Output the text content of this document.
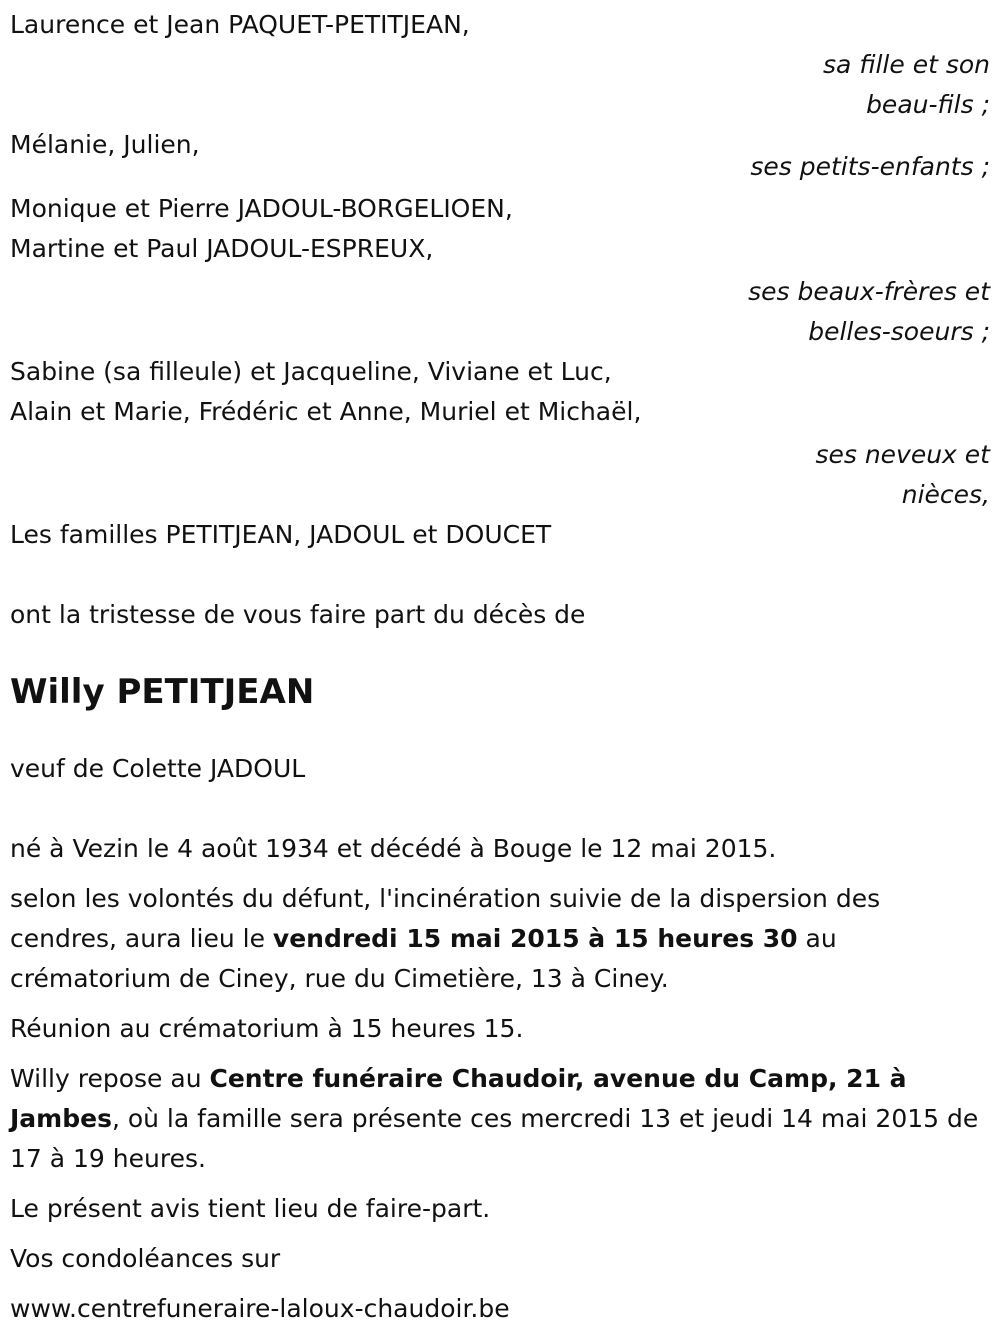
Laurence et Jean PAQUET-PETITJEAN,
sa fille et son
beau-fils ;
Mélanie, Julien,
ses petits-enfants ;
Monique et Pierre JADOUL-BORGELIOEN,
Martine et Paul JADOUL-ESPREUX,
ses beaux-frères et
belles-soeurs ;
Sabine (sa filleule) et Jacqueline, Viviane et Luc,
Alain et Marie, Frédéric et Anne, Muriel et Michaël,
ses neveux et
nièces,
Les familles PETITJEAN, JADOUL et DOUCET
ont la tristesse de vous faire part du décès de
Willy PETITJEAN
veuf de Colette JADOUL
né à Vezin le 4 août 1934 et décédé à Bouge le 12 mai 2015.
selon les volontés du défunt, l'incinération suivie de la dispersion des cendres, aura lieu le vendredi 15 mai 2015 à 15 heures 30 au crématorium de Ciney, rue du Cimetière, 13 à Ciney.
Réunion au crématorium à 15 heures 15.
Willy repose au Centre funéraire Chaudoir, avenue du Camp, 21 à Jambes, où la famille sera présente ces mercredi 13 et jeudi 14 mai 2015 de 17 à 19 heures.
Le présent avis tient lieu de faire-part.
Vos condoléances sur
www.centrefuneraire-laloux-chaudoir.be
